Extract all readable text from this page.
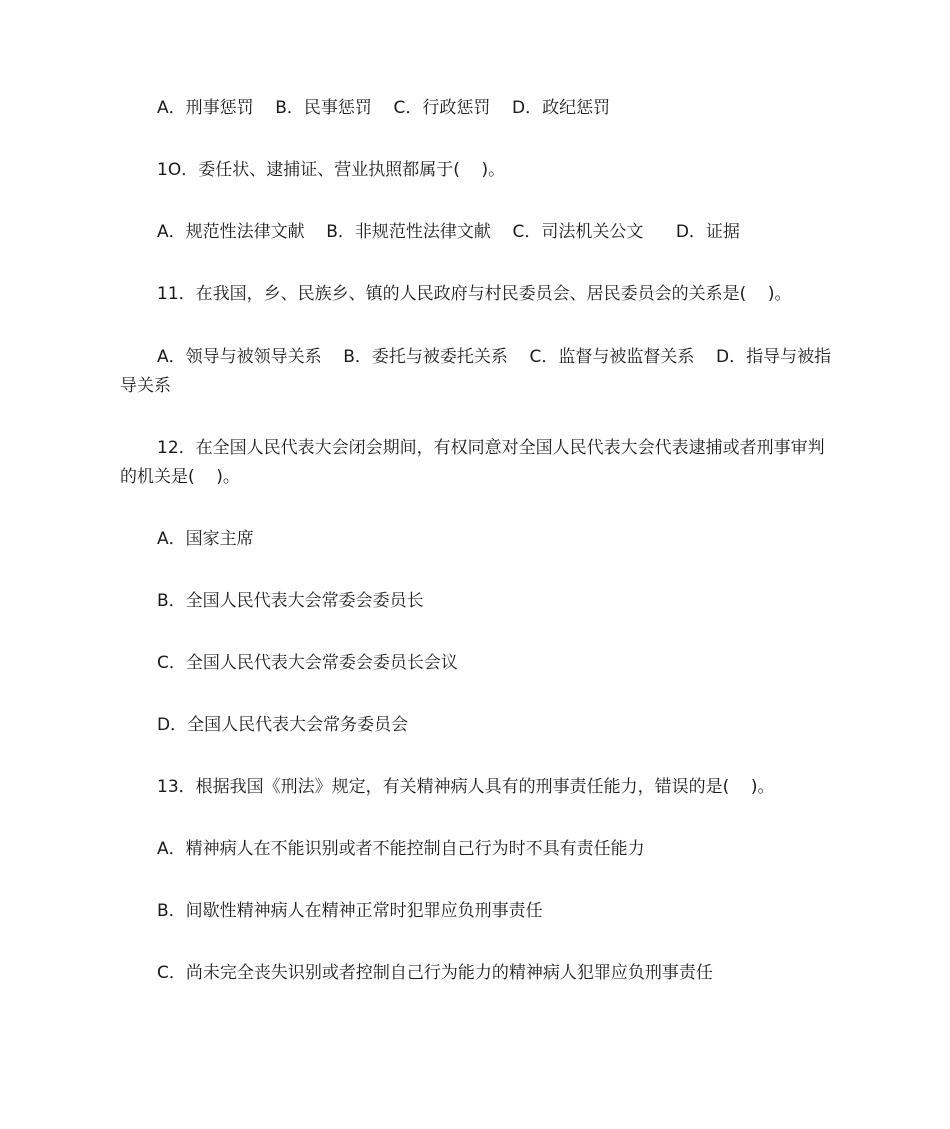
A．刑事惩罚    B．民事惩罚    C．行政惩罚    D．政纪惩罚

1O．委任状、逮捕证、营业执照都属于(    )。

A．规范性法律文献    B．非规范性法律文献    C．司法机关公文      D．证据

11．在我国，乡、民族乡、镇的人民政府与村民委员会、居民委员会的关系是(    )。

A．领导与被领导关系    B．委托与被委托关系    C．监督与被监督关系    D．指导与被指导关系

12．在全国人民代表大会闭会期间，有权同意对全国人民代表大会代表逮捕或者刑事审判的机关是(    )。

A．国家主席

B．全国人民代表大会常委会委员长

C．全国人民代表大会常委会委员长会议

D．全国人民代表大会常务委员会

13．根据我国《刑法》规定，有关精神病人具有的刑事责任能力，错误的是(    )。

A．精神病人在不能识别或者不能控制自己行为时不具有责任能力

B．间歇性精神病人在精神正常时犯罪应负刑事责任

C．尚未完全丧失识别或者控制自己行为能力的精神病人犯罪应负刑事责任
